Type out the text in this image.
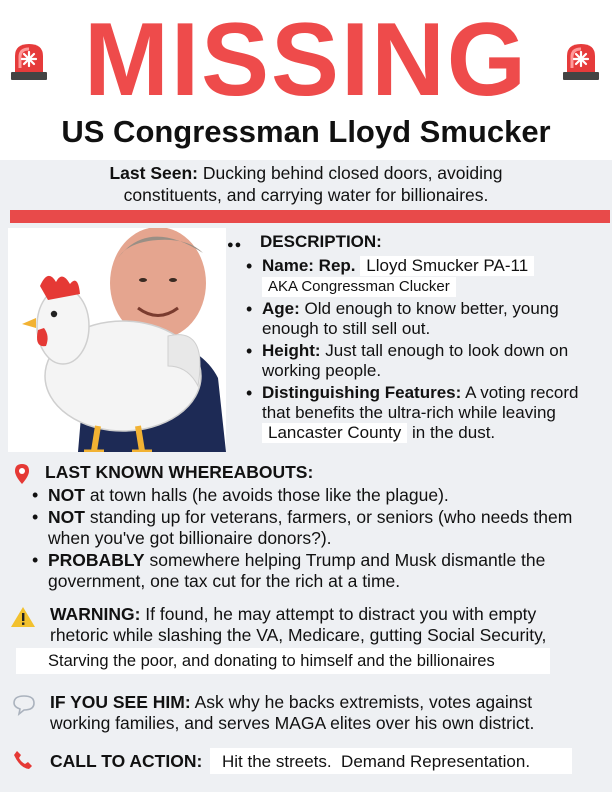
MISSING
US Congressman Lloyd Smucker
Last Seen: Ducking behind closed doors, avoiding constituents, and carrying water for billionaires.
●● DESCRIPTION:
• Name: Rep. Lloyd Smucker PA-11
AKA Congressman Clucker
• Age: Old enough to know better, young enough to still sell out.
• Height: Just tall enough to look down on working people.
• Distinguishing Features: A voting record that benefits the ultra-rich while leaving Lancaster County in the dust.
LAST KNOWN WHEREABOUTS:
• NOT at town halls (he avoids those like the plague).
• NOT standing up for veterans, farmers, or seniors (who needs them when you've got billionaire donors?).
• PROBABLY somewhere helping Trump and Musk dismantle the government, one tax cut for the rich at a time.
WARNING: If found, he may attempt to distract you with empty rhetoric while slashing the VA, Medicare, gutting Social Security,
Starving the poor, and donating to himself and the billionaires
IF YOU SEE HIM: Ask why he backs extremists, votes against working families, and serves MAGA elites over his own district.
CALL TO ACTION: Hit the streets.  Demand Representation.
